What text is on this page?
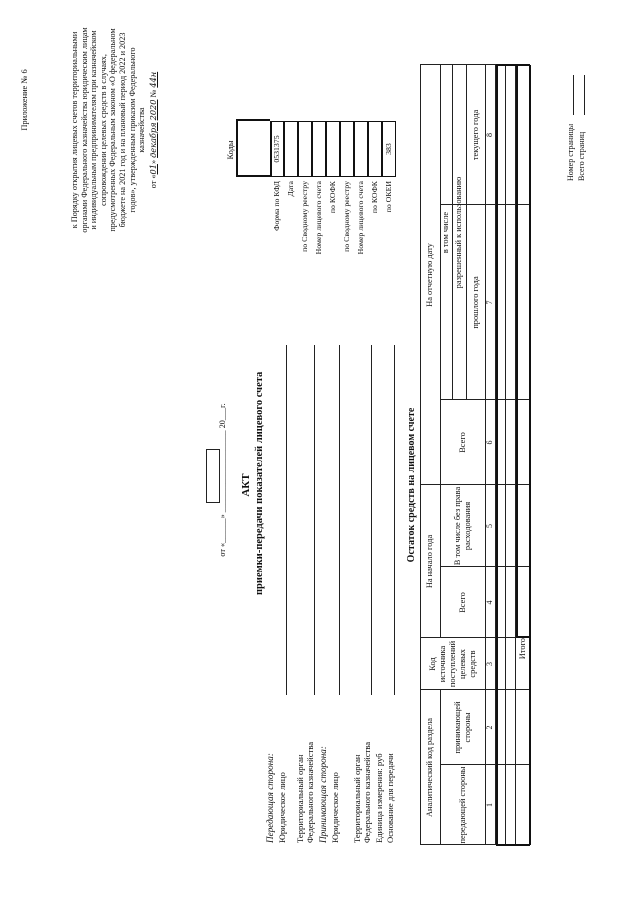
Приложение № 6	к Порядку открытия лицевых счетов территориальными органами Федерального казначейства юридическим лицам и индивидуальным предпринимателям при казначейском сопровождении целевых средств в случаях, предусмотренных Федеральным законом «О федеральном бюджете на 2021 год и на плановый период 2022 и 2023 годов», утвержденным приказом Федерального казначейства
от «01» декабря 2020 № 44н
АКТ приемки-передачи показателей лицевого счета
от «______» ____________________ 20___г.
Коды
Передающая сторона: Юридическое лицо Территориальный орган Федерального казначейства Принимающая сторона: Юридическое лицо Территориальный орган Федерального казначейства Единица измерения: руб Основание для передачи
Остаток средств на лицевом счете
Аналитический код раздела	передающей стороны
принимающей стороны
Код источника поступлений целевых средств
На начало года
Всего
В том числе без права расходования
На отчетную дату
Всего
в том числе разрешенный к использованию
прошлого года
текущего года
1
2
3
4
5
6
7
8
Итого
Номер страницы Всего страниц
Форма по КФД
0531375
Дата по Сводному реестру Номер лицевого счета по КОФК по Сводному реестру Номер лицевого счета по КОФК по ОКЕИ
383
